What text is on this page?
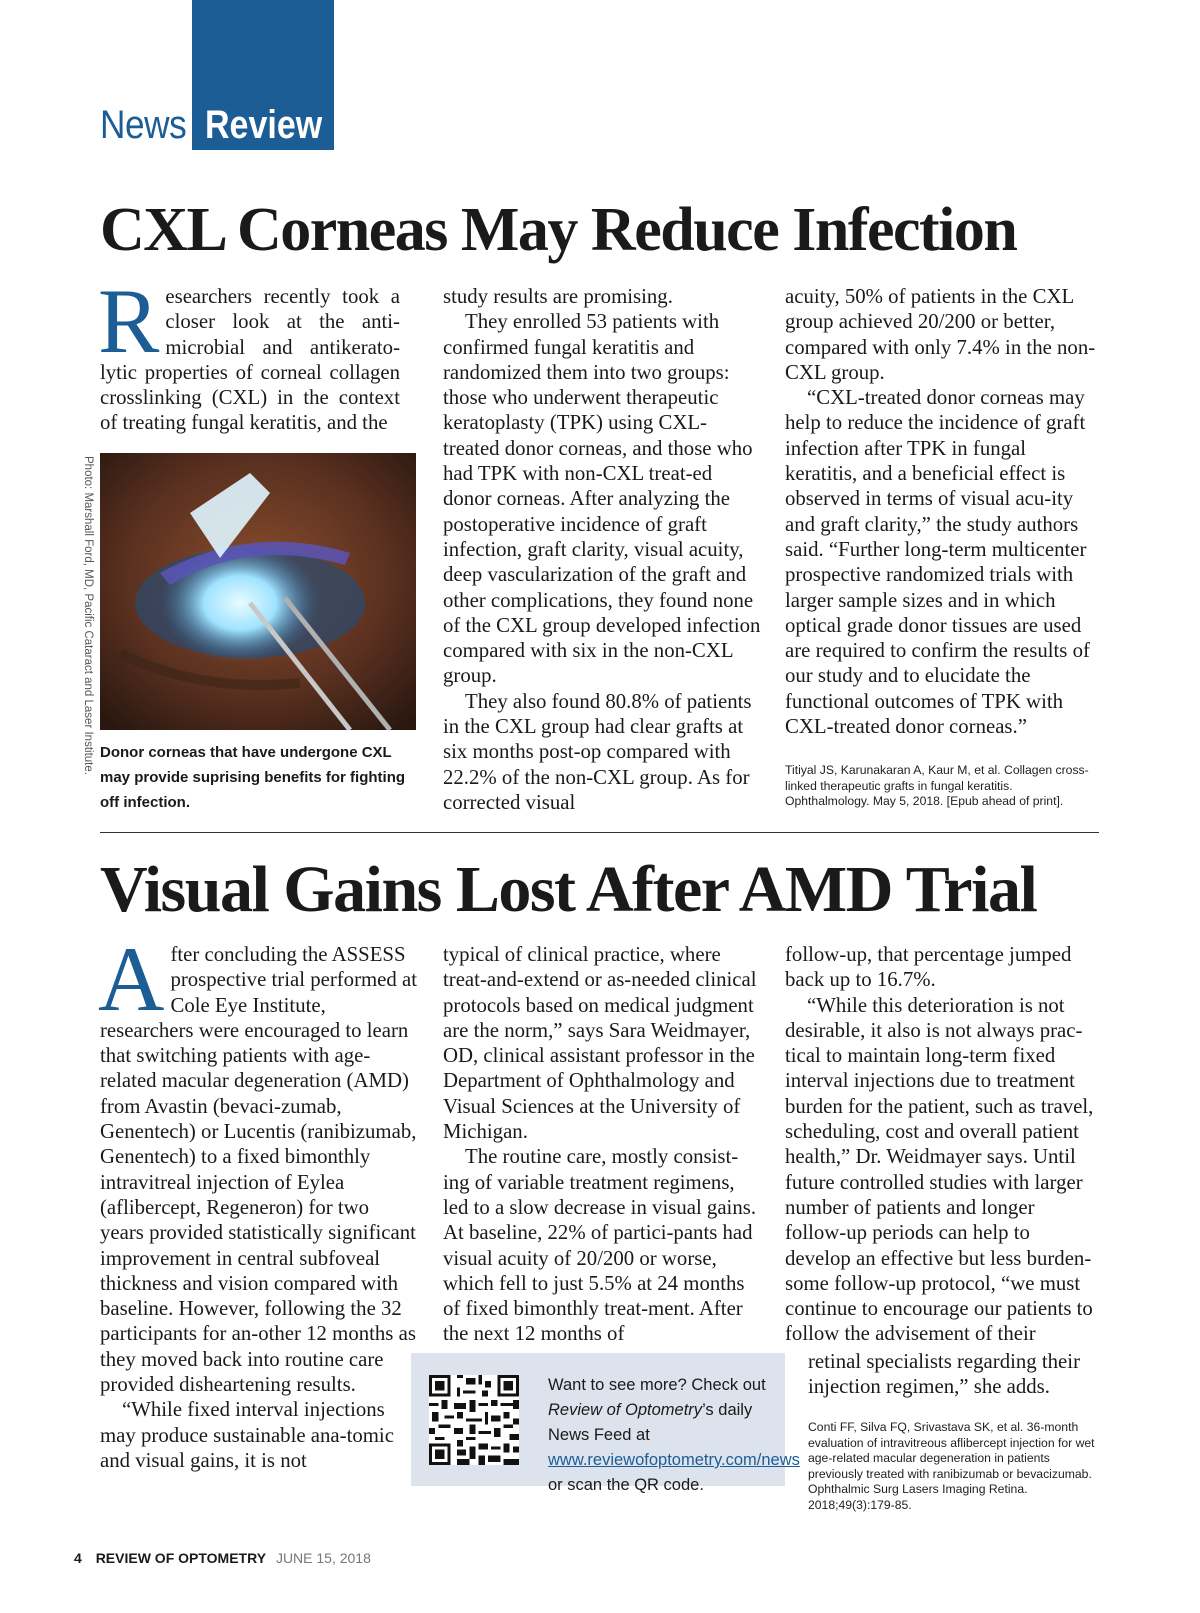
News Review
CXL Corneas May Reduce Infection
R esearchers recently took a closer look at the anti-microbial and antikerato-lytic properties of corneal collagen crosslinking (CXL) in the context of treating fungal keratitis, and the

Photo: Marshall Ford, MD, Pacific Cataract and Laser Institute. Donor corneas that have undergone CXL may provide suprising benefits for fighting off infection.

study results are promising.

They enrolled 53 patients with confirmed fungal keratitis and randomized them into two groups: those who underwent therapeutic keratoplasty (TPK) using CXL-treated donor corneas, and those who had TPK with non-CXL treat-ed donor corneas. After analyzing the postoperative incidence of graft infection, graft clarity, visual acuity, deep vascularization of the graft and other complications, they found none of the CXL group developed infection compared with six in the non-CXL group.

They also found 80.8% of patients in the CXL group had clear grafts at six months post-op compared with 22.2% of the non-CXL group. As for corrected visual

acuity, 50% of patients in the CXL group achieved 20/200 or better, compared with only 7.4% in the non-CXL group.

“CXL-treated donor corneas may help to reduce the incidence of graft infection after TPK in fungal keratitis, and a beneficial effect is observed in terms of visual acu-ity and graft clarity,” the study authors said. “Further long-term multicenter prospective randomized trials with larger sample sizes and in which optical grade donor tissues are used are required to confirm the results of our study and to elucidate the functional outcomes of TPK with CXL-treated donor corneas.”

Titiyal JS, Karunakaran A, Kaur M, et al. Collagen cross-linked therapeutic grafts in fungal keratitis. Ophthalmology. May 5, 2018. [Epub ahead of print].
Visual Gains Lost After AMD Trial
A fter concluding the ASSESS prospective trial performed at Cole Eye Institute, researchers were encouraged to learn that switching patients with age-related macular degeneration (AMD) from Avastin (bevaci-zumab, Genentech) or Lucentis (ranibizumab, Genentech) to a fixed bimonthly intravitreal injection of Eylea (aflibercept, Regeneron) for two years provided statistically significant improvement in central subfoveal thickness and vision compared with baseline. However, following the 32 participants for an-other 12 months as they moved back into routine care provided disheartening results.

“While fixed interval injections may produce sustainable ana-tomic and visual gains, it is not

typical of clinical practice, where treat-and-extend or as-needed clinical protocols based on medical judgment are the norm,” says Sara Weidmayer, OD, clinical assistant professor in the Department of Ophthalmology and Visual Sciences at the University of Michigan.

The routine care, mostly consist-ing of variable treatment regimens, led to a slow decrease in visual gains. At baseline, 22% of partici-pants had visual acuity of 20/200 or worse, which fell to just 5.5% at 24 months of fixed bimonthly treat-ment. After the next 12 months of

follow-up, that percentage jumped back up to 16.7%.

“While this deterioration is not desirable, it also is not always prac-tical to maintain long-term fixed interval injections due to treatment burden for the patient, such as travel, scheduling, cost and overall patient health,” Dr. Weidmayer says. Until future controlled studies with larger number of patients and longer follow-up periods can help to develop an effective but less burden-some follow-up protocol, “we must continue to encourage our patients to follow the advisement of their

retinal specialists regarding their injection regimen,” she adds.

Conti FF, Silva FQ, Srivastava SK, et al. 36-month evaluation of intravitreous aflibercept injection for wet age-related macular degeneration in patients previously treated with ranibizumab or bevacizumab. Ophthalmic Surg Lasers Imaging Retina. 2018;49(3):179-85.
Want to see more? Check out
Review of Optometry’s daily News Feed at www.reviewofoptometry.com/news or scan the QR code.
4 REVIEW OF OPTOMETRY JUNE 15, 2018
